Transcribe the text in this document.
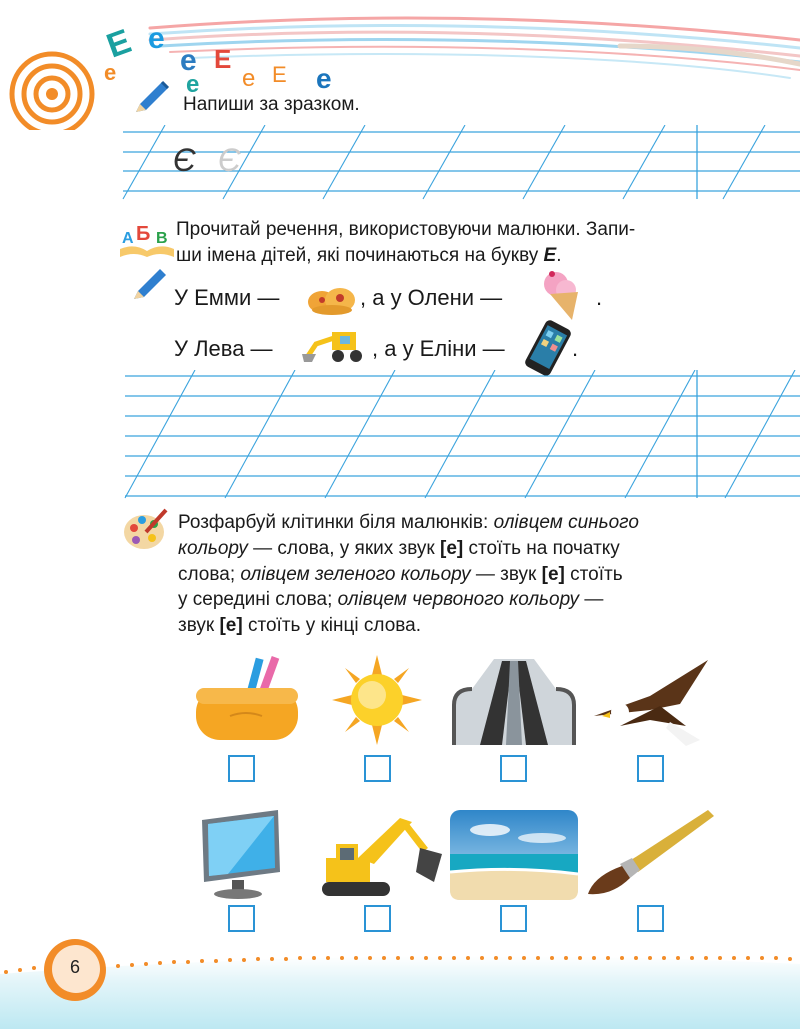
Е е
е е Е
е е Е е
Напиши за зразком.
Є Є
А Б В Прочитай речення, використовуючи малюнки. Запи-
ши імена дітей, які починаються на букву Е.
У Емми —	, а у Олени —	.
У Лева —	, а у Еліни —	.
Розфарбуй клітинки біля малюнків: олівцем синього
кольору — слова, у яких звук [е] стоїть на початку
слова; олівцем зеленого кольору — звук [е] стоїть
у середині слова; олівцем червоного кольору —
звук [е] стоїть у кінці слова.
6
